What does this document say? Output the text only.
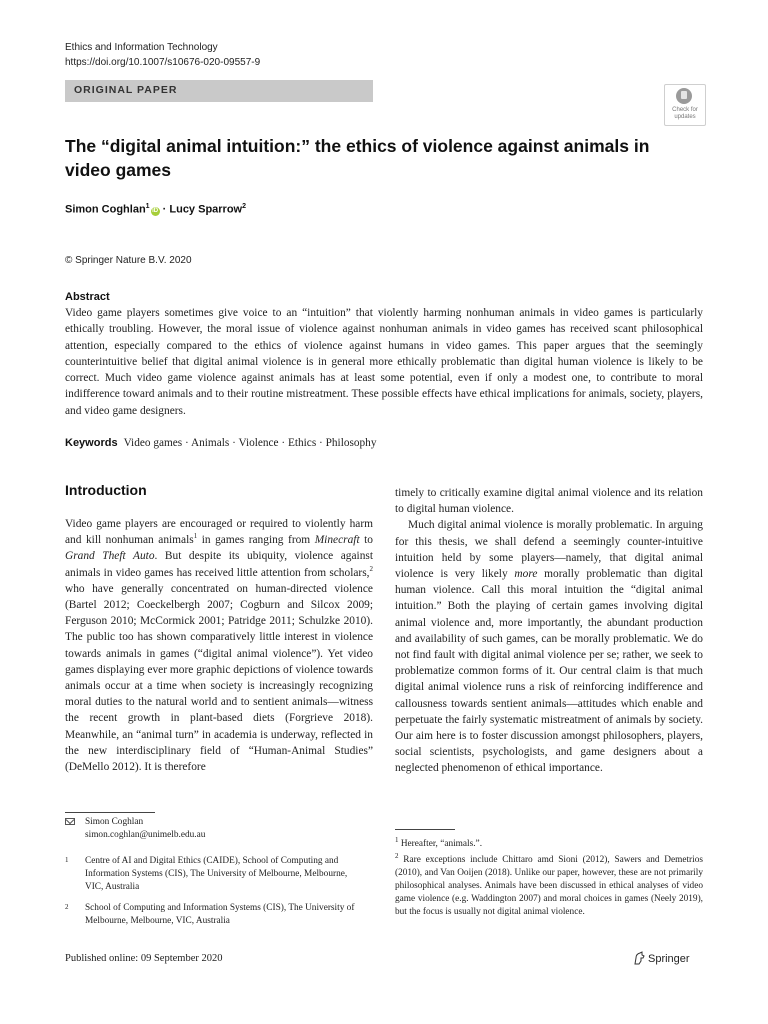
Ethics and Information Technology
https://doi.org/10.1007/s10676-020-09557-9
ORIGINAL PAPER
Check for
updates
The “digital animal intuition:” the ethics of violence against animals in video games
Simon Coghlan$^1$iD · Lucy Sparrow$^2$
© Springer Nature B.V. 2020
Abstract

Video game players sometimes give voice to an “intuition” that violently harming nonhuman animals in video games is particularly ethically troubling. However, the moral issue of violence against nonhuman animals in video games has received scant philosophical attention, especially compared to the ethics of violence against humans in video games. This paper argues that the seemingly counterintuitive belief that digital animal violence is in general more ethically problematic than digital human violence is likely to be correct. Much video game violence against animals has at least some potential, even if only a modest one, to contribute to moral indifference toward animals and to their routine mistreatment. These possible effects have ethical implications for animals, society, players, and video game designers.

Keywords Video games · Animals · Violence · Ethics · Philosophy
Introduction

Video game players are encouraged or required to violently harm and kill nonhuman animals$^1$ in games ranging from Minecraft to Grand Theft Auto. But despite its ubiquity, violence against animals in video games has received little attention from scholars,$^2$ who have generally concentrated on human-directed violence (Bartel 2012; Coeckelbergh 2007; Cogburn and Silcox 2009; Ferguson 2010; McCormick 2001; Patridge 2011; Schulzke 2010). The public too has shown comparatively little interest in violence towards animals in games (“digital animal violence”). Yet video games displaying ever more graphic depictions of violence towards animals occur at a time when society is increasingly recognizing moral duties to the natural world and to sentient animals—witness the recent growth in plant-based diets (Forgrieve 2018). Meanwhile, an “animal turn” in academia is underway, reflected in the new interdisciplinary field of “Human-Animal Studies” (DeMello 2012). It is therefore

timely to critically examine digital animal violence and its relation to digital human violence.

Much digital animal violence is morally problematic. In arguing for this thesis, we shall defend a seemingly counter-intuitive intuition held by some players—namely, that digital animal violence is very likely more morally problematic than digital human violence. Call this moral intuition the “digital animal intuition.” Both the playing of certain games involving digital animal violence and, more importantly, the abundant production and availability of such games, can be morally problematic. We do not find fault with digital animal violence per se; rather, we seek to problematize common forms of it. Our central claim is that much digital animal violence runs a risk of reinforcing indifference and callousness towards sentient animals—attitudes which enable and perpetuate the fairly systematic mistreatment of animals by society. Our aim here is to foster discussion amongst philosophers, players, social scientists, psychologists, and game designers about a neglected phenomenon of ethical importance.

Simon Coghlan
simon.coghlan@unimelb.edu.au
1 Centre of AI and Digital Ethics (CAIDE), School of Computing and Information Systems (CIS), The University of Melbourne, Melbourne, VIC, Australia
2 School of Computing and Information Systems (CIS), The University of Melbourne, Melbourne, VIC, Australia

$^1$ Hereafter, “animals.”.

$^2$ Rare exceptions include Chittaro amd Sioni (2012), Sawers and Demetrios (2010), and Van Ooijen (2018). Unlike our paper, however, these are not primarily philosophical analyses. Animals have been discussed in ethical analyses of video game violence (e.g. Waddington 2007) and moral choices in games (Neely 2019), but the focus is usually not digital animal violence.

Published online: 09 September 2020	Springer
